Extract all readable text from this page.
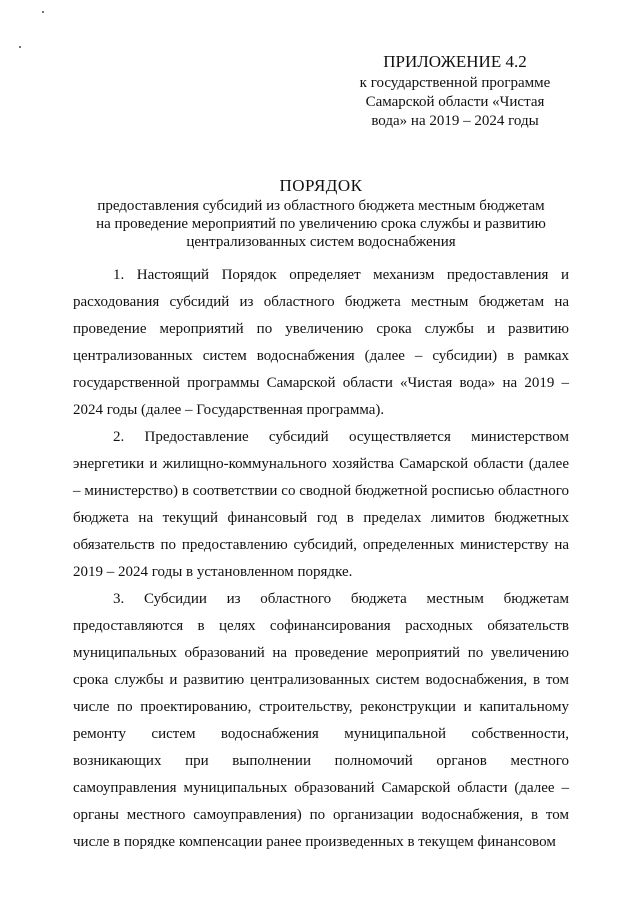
ПРИЛОЖЕНИЕ 4.2
к государственной программе
Самарской области «Чистая
вода» на 2019 – 2024 годы
ПОРЯДОК
предоставления субсидий из областного бюджета местным бюджетам
на проведение мероприятий по увеличению срока службы и развитию
централизованных систем водоснабжения

1. Настоящий Порядок определяет механизм предоставления и расходования субсидий из областного бюджета местным бюджетам на проведение мероприятий по увеличению срока службы и развитию централизованных систем водоснабжения (далее – субсидии) в рамках государственной программы Самарской области «Чистая вода» на 2019 – 2024 годы (далее – Государственная программа).

2. Предоставление субсидий осуществляется министерством энергетики и жилищно-коммунального хозяйства Самарской области (далее – министерство) в соответствии со сводной бюджетной росписью областного бюджета на текущий финансовый год в пределах лимитов бюджетных обязательств по предоставлению субсидий, определенных министерству на 2019 – 2024 годы в установленном порядке.

3. Субсидии из областного бюджета местным бюджетам предоставляются в целях софинансирования расходных обязательств муниципальных образований на проведение мероприятий по увеличению срока службы и развитию централизованных систем водоснабжения, в том числе по проектированию, строительству, реконструкции и капитальному ремонту систем водоснабжения муниципальной собственности, возникающих при выполнении полномочий органов местного самоуправления муниципальных образований Самарской области (далее – органы местного самоуправления) по организации водоснабжения, в том числе в порядке компенсации ранее произведенных в текущем финансовом
